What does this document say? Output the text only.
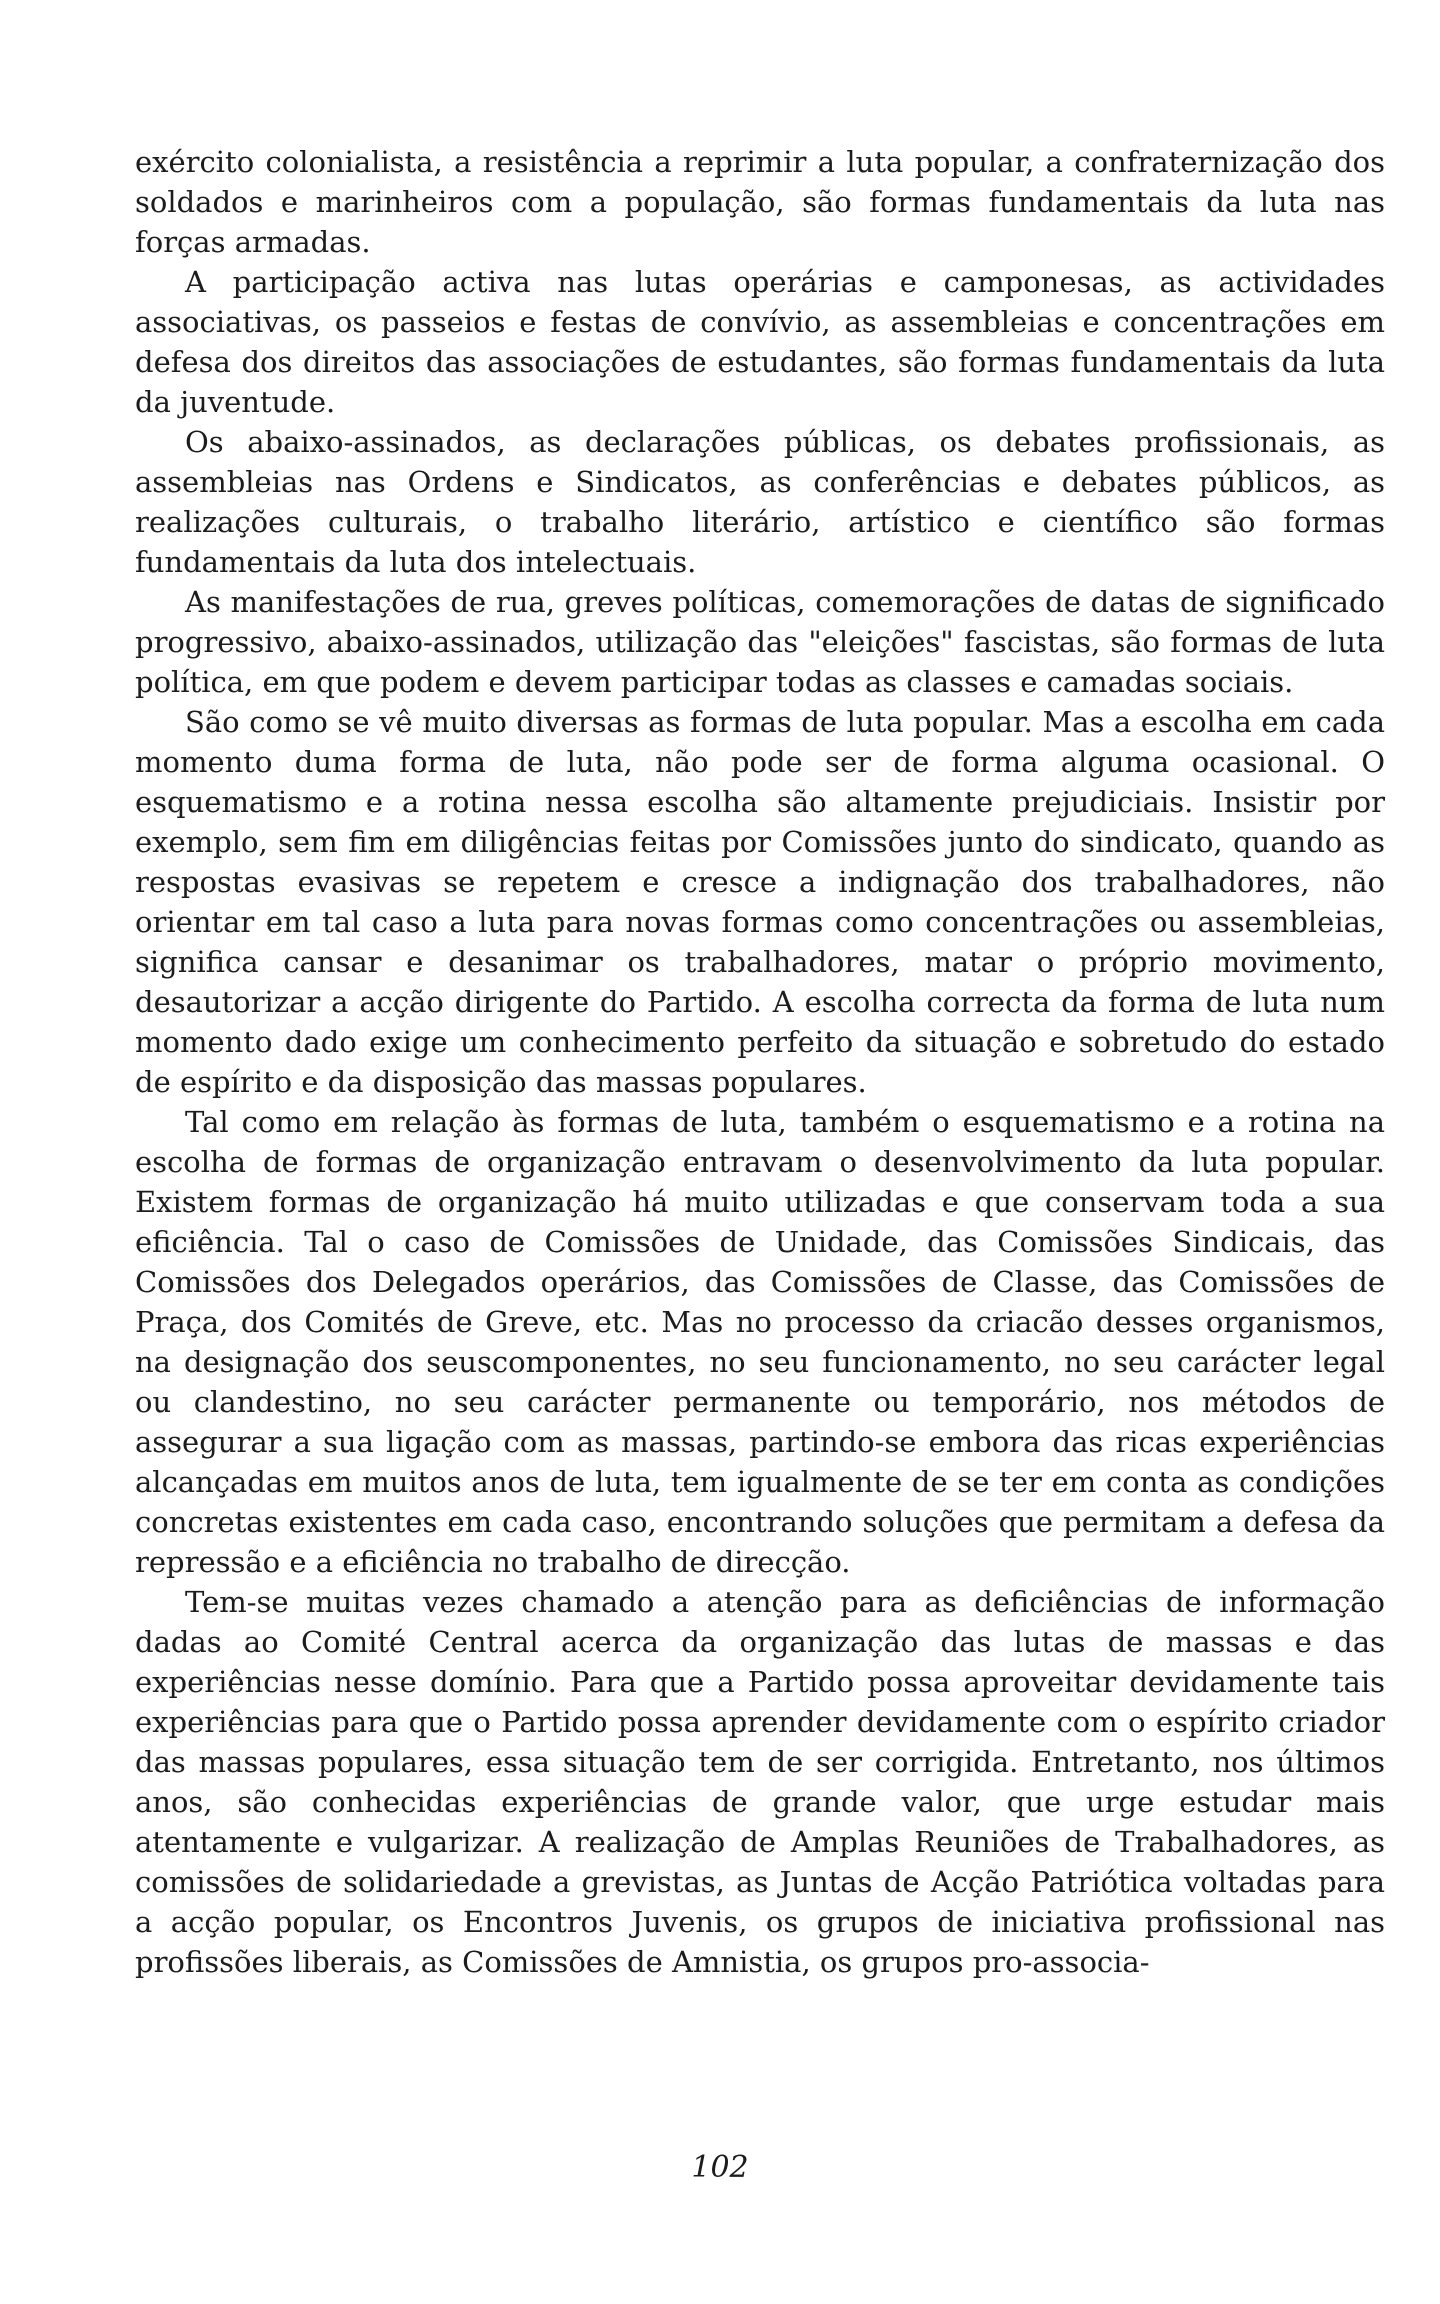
exército colonialista, a resistência a reprimir a luta popular, a confraternização dos soldados e marinheiros com a população, são formas fundamentais da luta nas forças armadas.

A participação activa nas lutas operárias e camponesas, as actividades associativas, os passeios e festas de convívio, as assembleias e concentrações em defesa dos direitos das associações de estudantes, são formas fundamentais da luta da juventude.

Os abaixo-assinados, as declarações públicas, os debates profissionais, as assembleias nas Ordens e Sindicatos, as conferências e debates públicos, as realizações culturais, o trabalho literário, artístico e científico são formas fundamentais da luta dos intelectuais.

As manifestações de rua, greves políticas, comemorações de datas de significado progressivo, abaixo-assinados, utilização das "eleições" fascistas, são formas de luta política, em que podem e devem participar todas as classes e camadas sociais.

São como se vê muito diversas as formas de luta popular. Mas a escolha em cada momento duma forma de luta, não pode ser de forma alguma ocasional. O esquematismo e a rotina nessa escolha são altamente prejudiciais. Insistir por exemplo, sem fim em diligências feitas por Comissões junto do sindicato, quando as respostas evasivas se repetem e cresce a indignação dos trabalhadores, não orientar em tal caso a luta para novas formas como concentrações ou assembleias, significa cansar e desanimar os trabalhadores, matar o próprio movimento, desautorizar a acção dirigente do Partido. A escolha correcta da forma de luta num momento dado exige um conhecimento perfeito da situação e sobretudo do estado de espírito e da disposição das massas populares.

Tal como em relação às formas de luta, também o esquematismo e a rotina na escolha de formas de organização entravam o desenvolvimento da luta popular. Existem formas de organização há muito utilizadas e que conservam toda a sua eficiência. Tal o caso de Comissões de Unidade, das Comissões Sindicais, das Comissões dos Delegados operários, das Comissões de Classe, das Comissões de Praça, dos Comités de Greve, etc. Mas no processo da criacão desses organismos, na designação dos seuscomponentes, no seu funcionamento, no seu carácter legal ou clandestino, no seu carácter permanente ou temporário, nos métodos de assegurar a sua ligação com as massas, partindo-se embora das ricas experiências alcançadas em muitos anos de luta, tem igualmente de se ter em conta as condições concretas existentes em cada caso, encontrando soluções que permitam a defesa da repressão e a eficiência no trabalho de direcção.

Tem-se muitas vezes chamado a atenção para as deficiências de informação dadas ao Comité Central acerca da organização das lutas de massas e das experiências nesse domínio. Para que a Partido possa aproveitar devidamente tais experiências para que o Partido possa aprender devidamente com o espírito criador das massas populares, essa situação tem de ser corrigida. Entretanto, nos últimos anos, são conhecidas experiências de grande valor, que urge estudar mais atentamente e vulgarizar. A realização de Amplas Reuniões de Trabalhadores, as comissões de solidariedade a grevistas, as Juntas de Acção Patriótica voltadas para a acção popular, os Encontros Juvenis, os grupos de iniciativa profissional nas profissões liberais, as Comissões de Amnistia, os grupos pro-associa-

102
